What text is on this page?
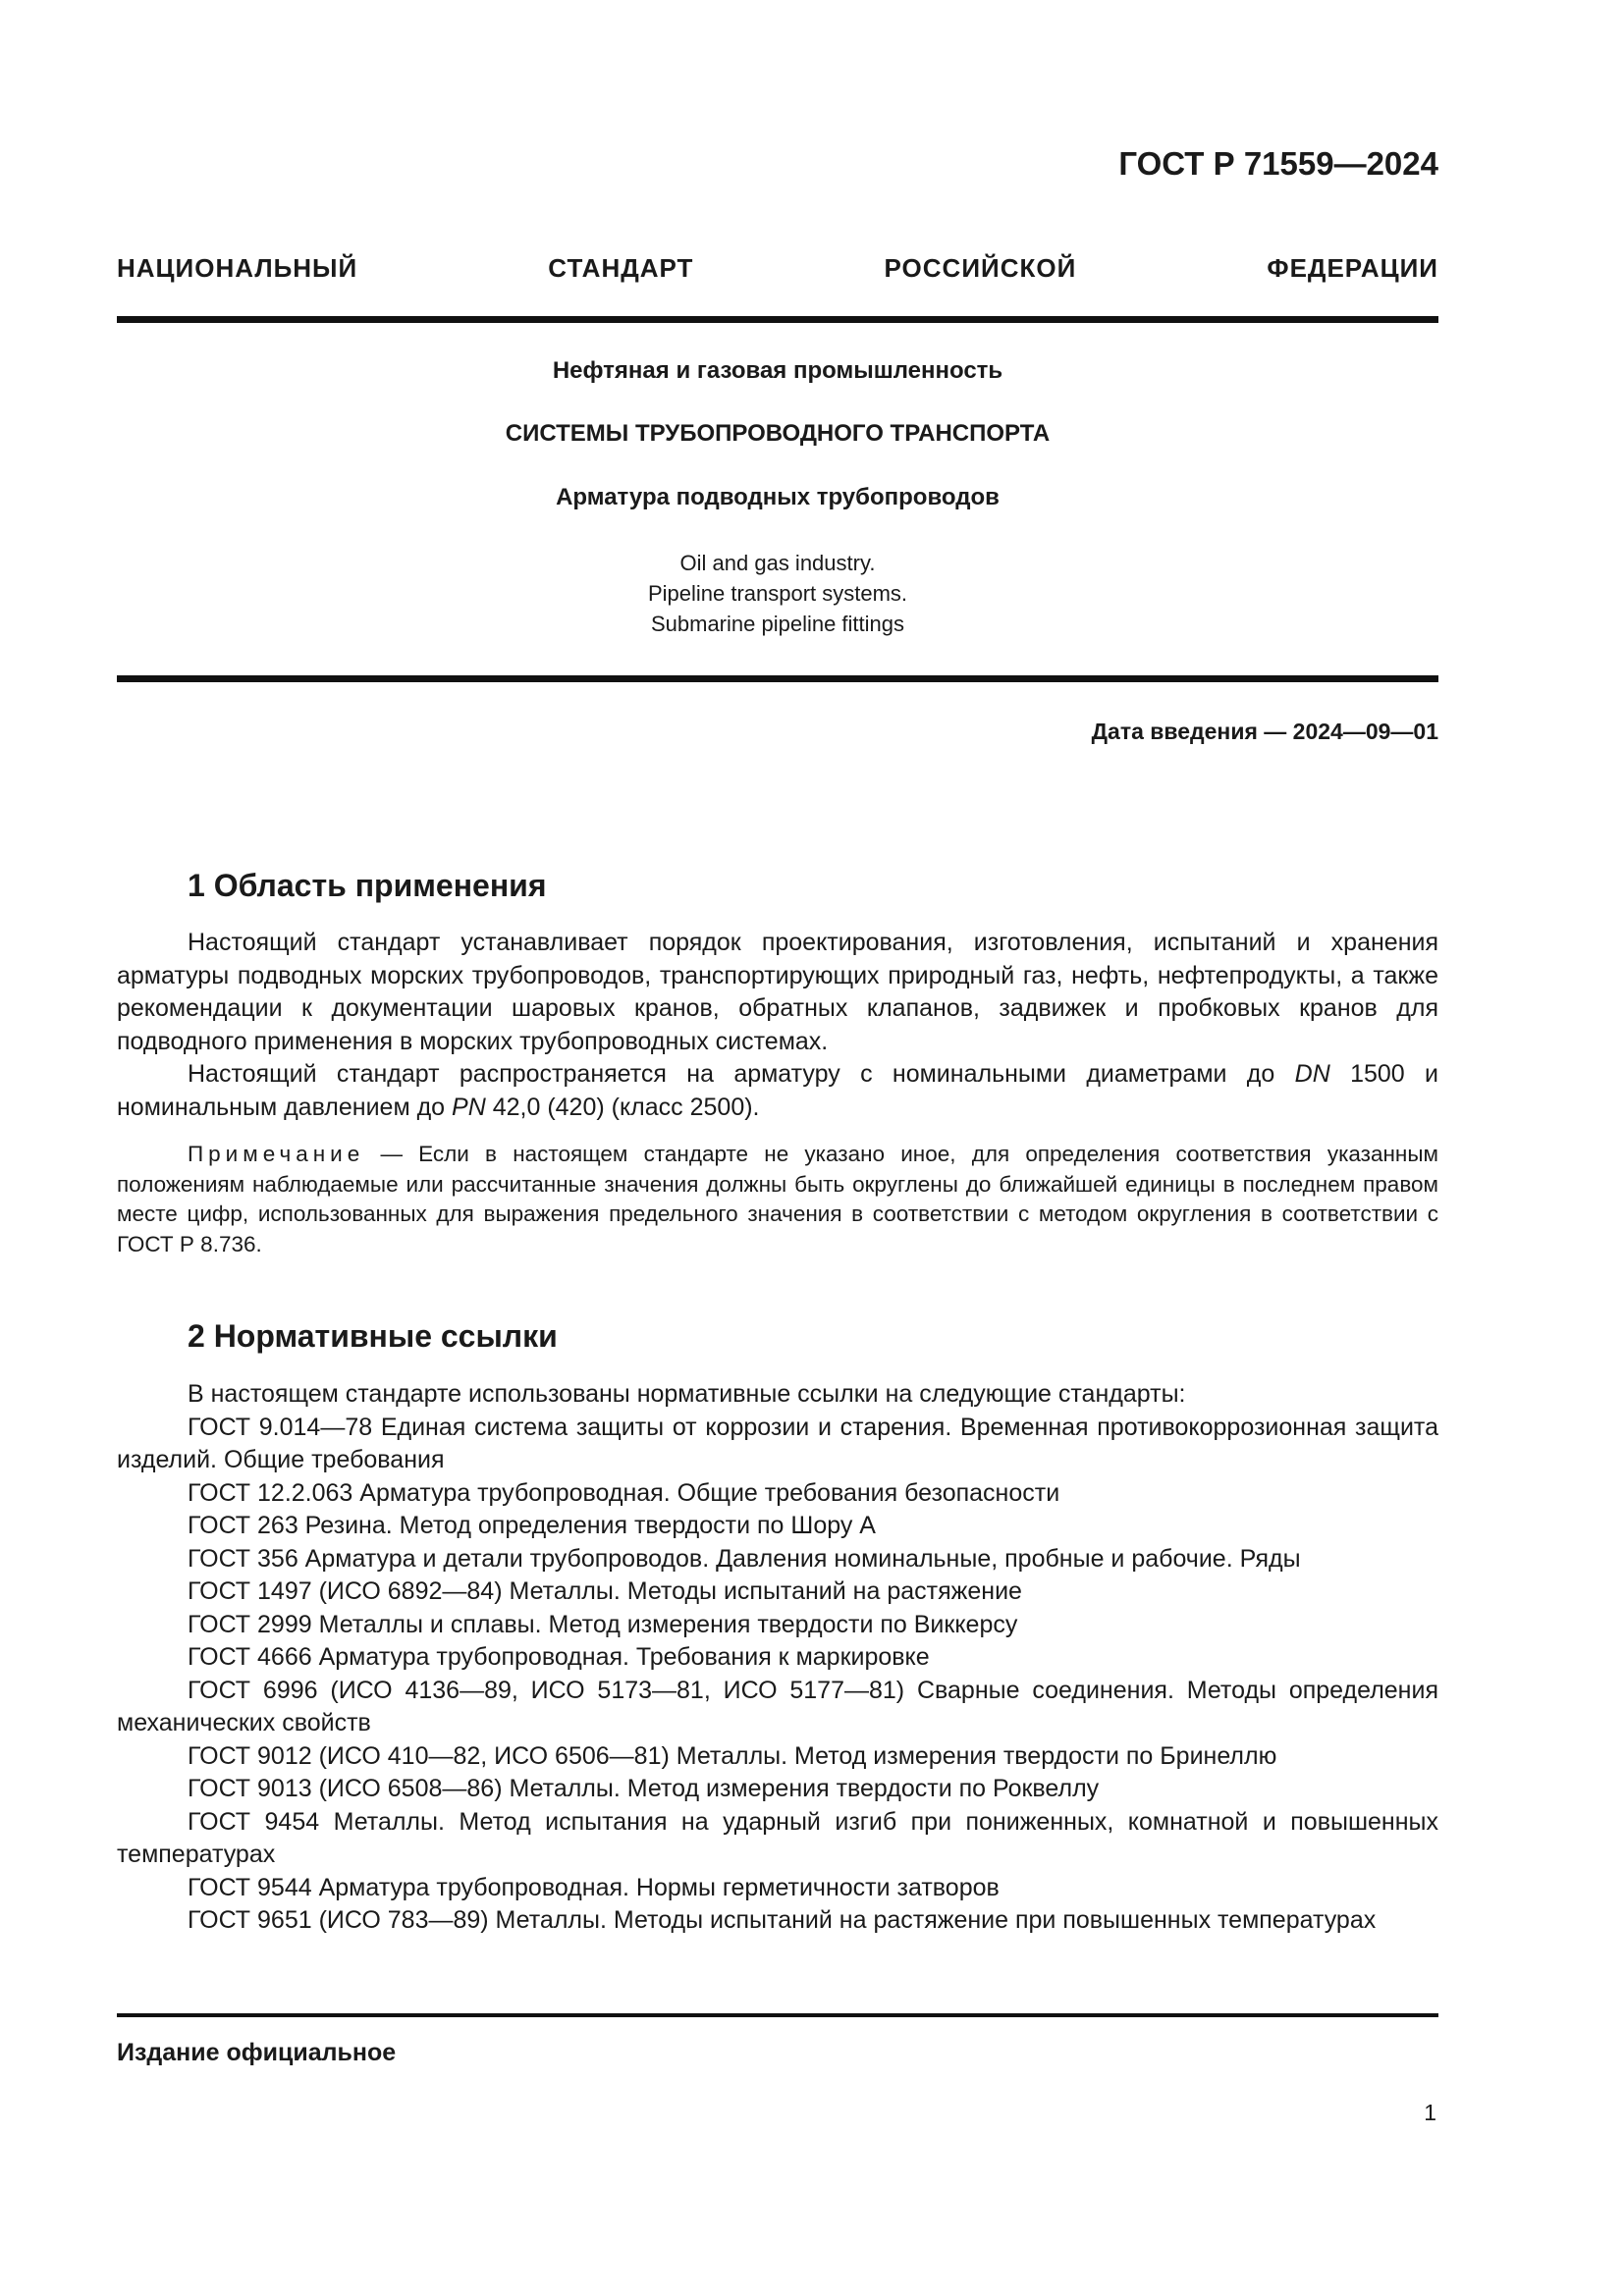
ГОСТ Р 71559—2024
НАЦИОНАЛЬНЫЙ СТАНДАРТ РОССИЙСКОЙ ФЕДЕРАЦИИ
Нефтяная и газовая промышленность
СИСТЕМЫ ТРУБОПРОВОДНОГО ТРАНСПОРТА
Арматура подводных трубопроводов
Oil and gas industry.
Pipeline transport systems.
Submarine pipeline fittings
Дата введения — 2024—09—01
1 Область применения

Настоящий стандарт устанавливает порядок проектирования, изготовления, испытаний и хранения арматуры подводных морских трубопроводов, транспортирующих природный газ, нефть, нефтепродукты, а также рекомендации к документации шаровых кранов, обратных клапанов, задвижек и пробковых кранов для подводного применения в морских трубопроводных системах.

Настоящий стандарт распространяется на арматуру с номинальными диаметрами до DN 1500 и номинальным давлением до PN 42,0 (420) (класс 2500).

Примечание — Если в настоящем стандарте не указано иное, для определения соответствия указанным положениям наблюдаемые или рассчитанные значения должны быть округлены до ближайшей единицы в последнем правом месте цифр, использованных для выражения предельного значения в соответствии с методом округления в соответствии с ГОСТ Р 8.736.

2 Нормативные ссылки

В настоящем стандарте использованы нормативные ссылки на следующие стандарты:

ГОСТ 9.014—78 Единая система защиты от коррозии и старения. Временная противокоррозионная защита изделий. Общие требования

ГОСТ 12.2.063 Арматура трубопроводная. Общие требования безопасности

ГОСТ 263 Резина. Метод определения твердости по Шору А

ГОСТ 356 Арматура и детали трубопроводов. Давления номинальные, пробные и рабочие. Ряды

ГОСТ 1497 (ИСО 6892—84) Металлы. Методы испытаний на растяжение

ГОСТ 2999 Металлы и сплавы. Метод измерения твердости по Виккерсу

ГОСТ 4666 Арматура трубопроводная. Требования к маркировке

ГОСТ 6996 (ИСО 4136—89, ИСО 5173—81, ИСО 5177—81) Сварные соединения. Методы определения механических свойств

ГОСТ 9012 (ИСО 410—82, ИСО 6506—81) Металлы. Метод измерения твердости по Бринеллю

ГОСТ 9013 (ИСО 6508—86) Металлы. Метод измерения твердости по Роквеллу

ГОСТ 9454 Металлы. Метод испытания на ударный изгиб при пониженных, комнатной и повышенных температурах

ГОСТ 9544 Арматура трубопроводная. Нормы герметичности затворов

ГОСТ 9651 (ИСО 783—89) Металлы. Методы испытаний на растяжение при повышенных температурах

Издание официальное
1
